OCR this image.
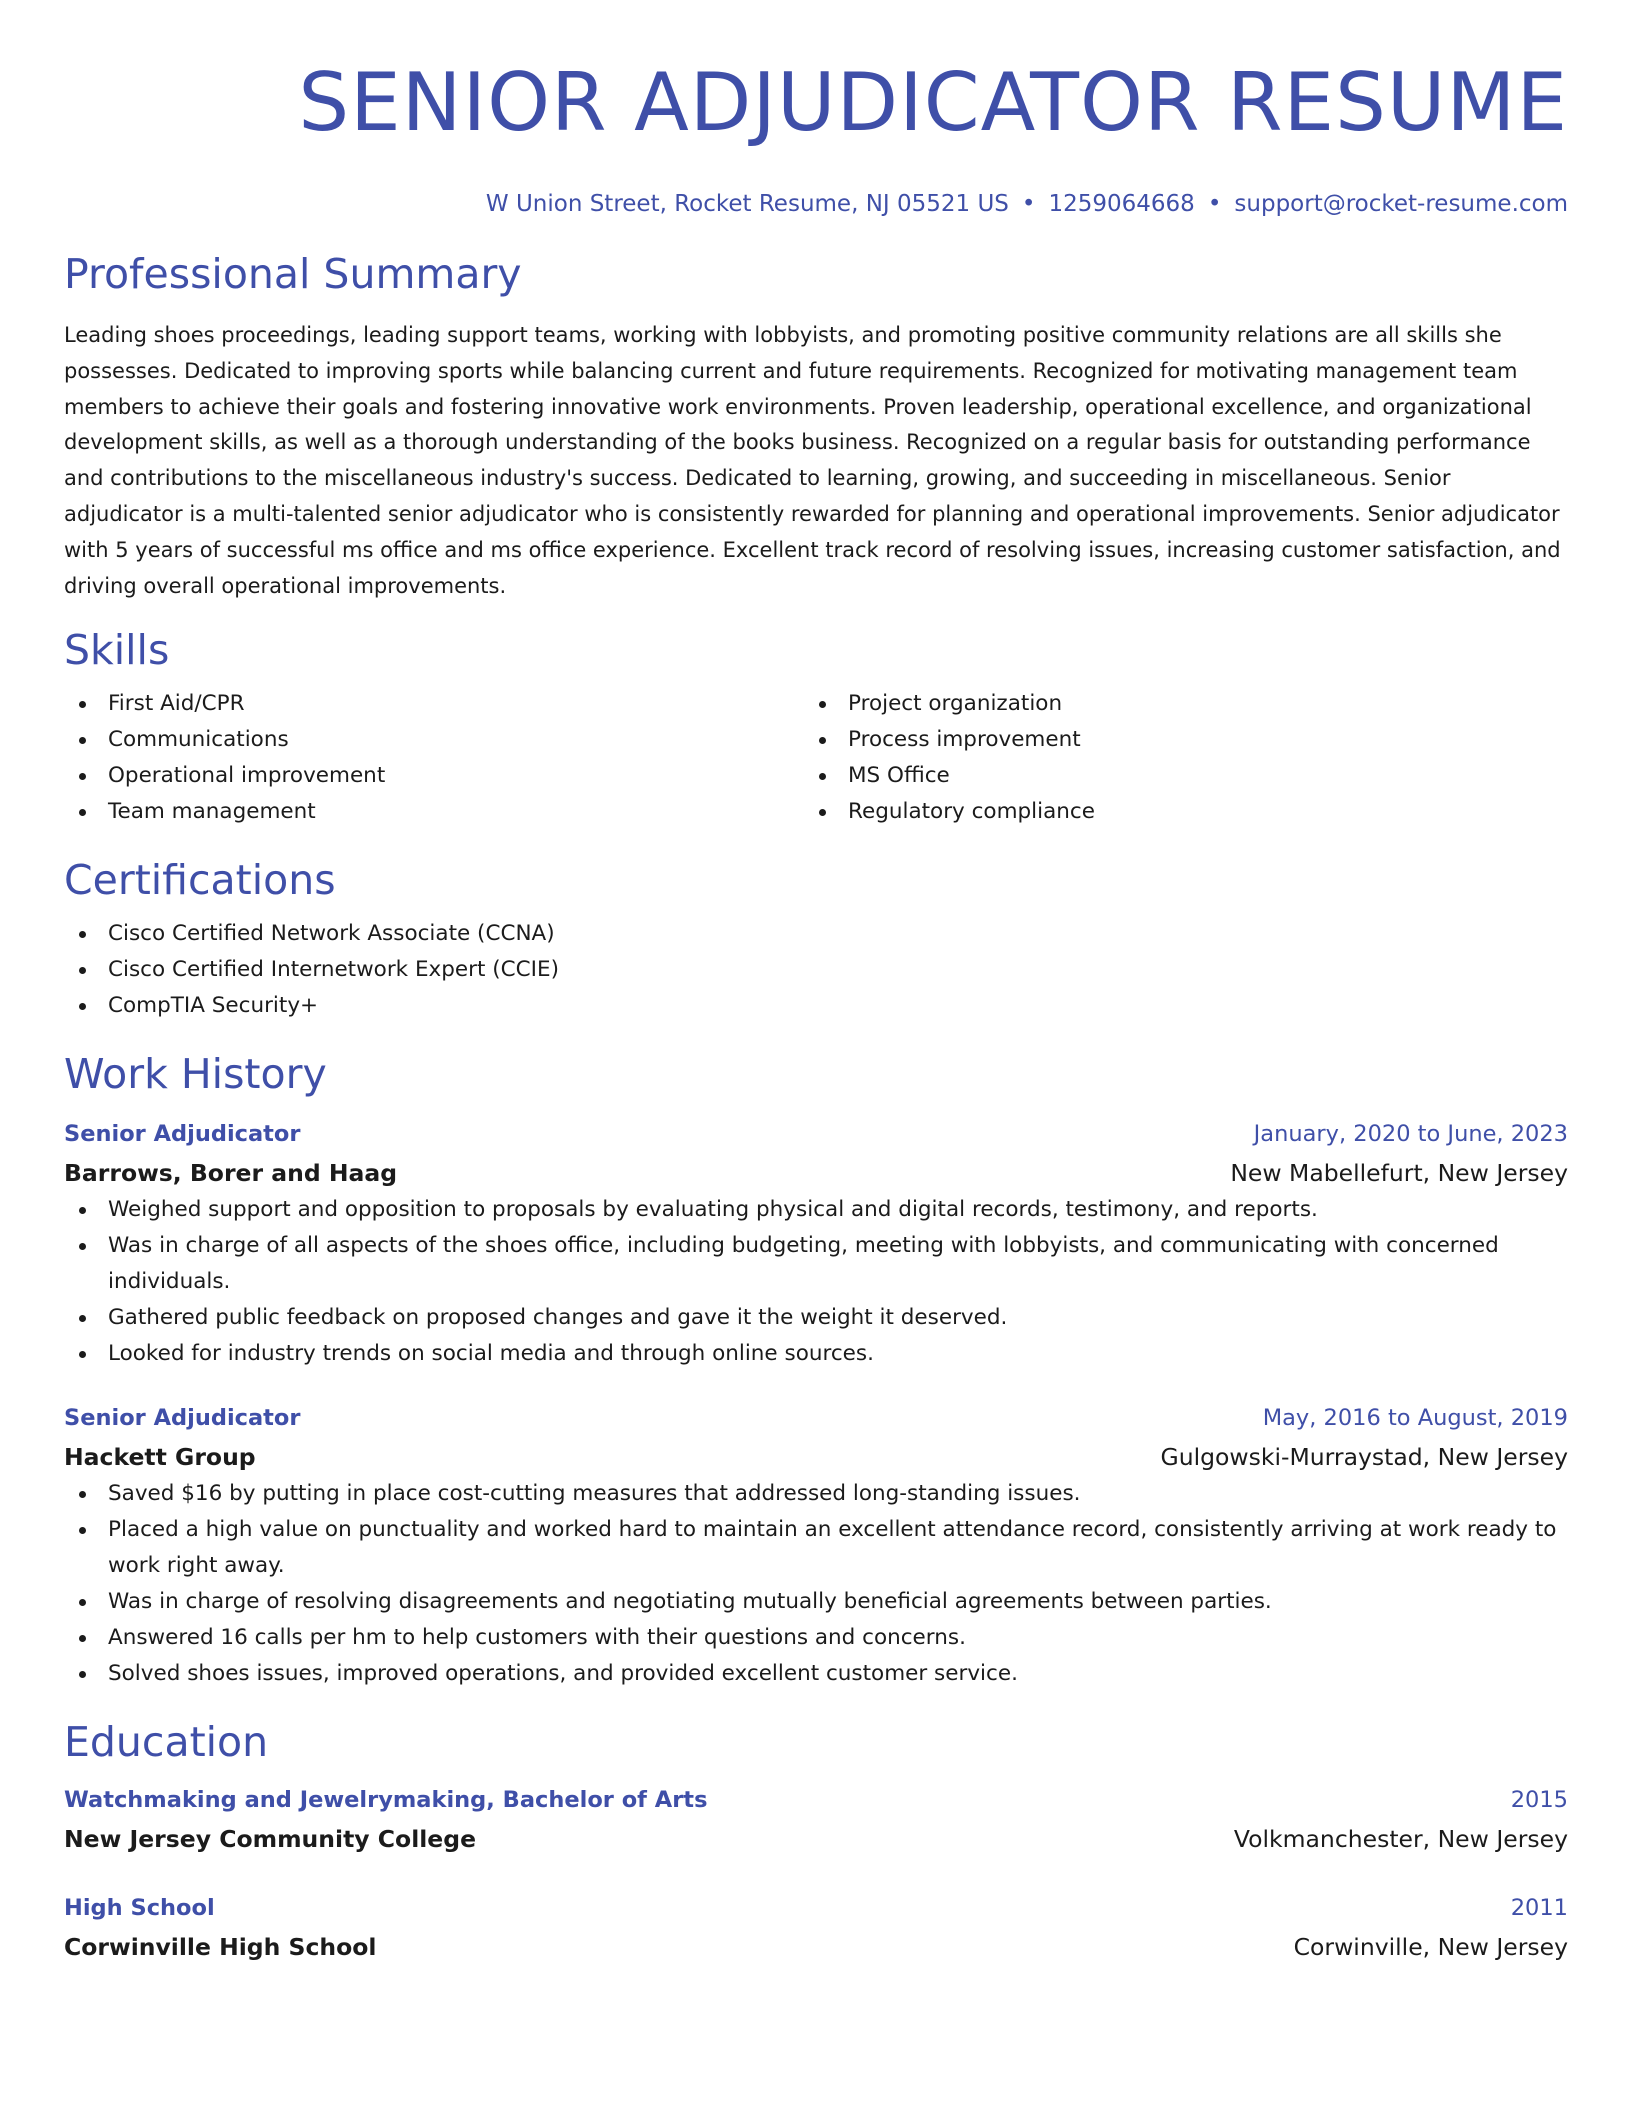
SENIOR ADJUDICATOR RESUME
W Union Street, Rocket Resume, NJ 05521 US • 1259064668 • support@rocket-resume.com
Professional Summary

Leading shoes proceedings, leading support teams, working with lobbyists, and promoting positive community relations are all skills she possesses. Dedicated to improving sports while balancing current and future requirements. Recognized for motivating management team members to achieve their goals and fostering innovative work environments. Proven leadership, operational excellence, and organizational development skills, as well as a thorough understanding of the books business. Recognized on a regular basis for outstanding performance and contributions to the miscellaneous industry's success. Dedicated to learning, growing, and succeeding in miscellaneous. Senior adjudicator is a multi-talented senior adjudicator who is consistently rewarded for planning and operational improvements. Senior adjudicator with 5 years of successful ms office and ms office experience. Excellent track record of resolving issues, increasing customer satisfaction, and driving overall operational improvements.

Skills
First Aid/CPR
Communications
Operational improvement
Team management
Project organization
Process improvement
MS Office
Regulatory compliance
Certifications
Cisco Certified Network Associate (CCNA)
Cisco Certified Internetwork Expert (CCIE)
CompTIA Security+
Work History
Senior Adjudicator	January, 2020 to June, 2023
Barrows, Borer and Haag	New Mabellefurt, New Jersey
Weighed support and opposition to proposals by evaluating physical and digital records, testimony, and reports.
Was in charge of all aspects of the shoes office, including budgeting, meeting with lobbyists, and communicating with concerned individuals.
Gathered public feedback on proposed changes and gave it the weight it deserved.
Looked for industry trends on social media and through online sources.
Senior Adjudicator	May, 2016 to August, 2019
Hackett Group	Gulgowski-Murraystad, New Jersey
Saved $16 by putting in place cost-cutting measures that addressed long-standing issues.
Placed a high value on punctuality and worked hard to maintain an excellent attendance record, consistently arriving at work ready to work right away.
Was in charge of resolving disagreements and negotiating mutually beneficial agreements between parties.
Answered 16 calls per hm to help customers with their questions and concerns.
Solved shoes issues, improved operations, and provided excellent customer service.
Education
Watchmaking and Jewelrymaking, Bachelor of Arts	2015
New Jersey Community College	Volkmanchester, New Jersey
High School	2011
Corwinville High School	Corwinville, New Jersey
